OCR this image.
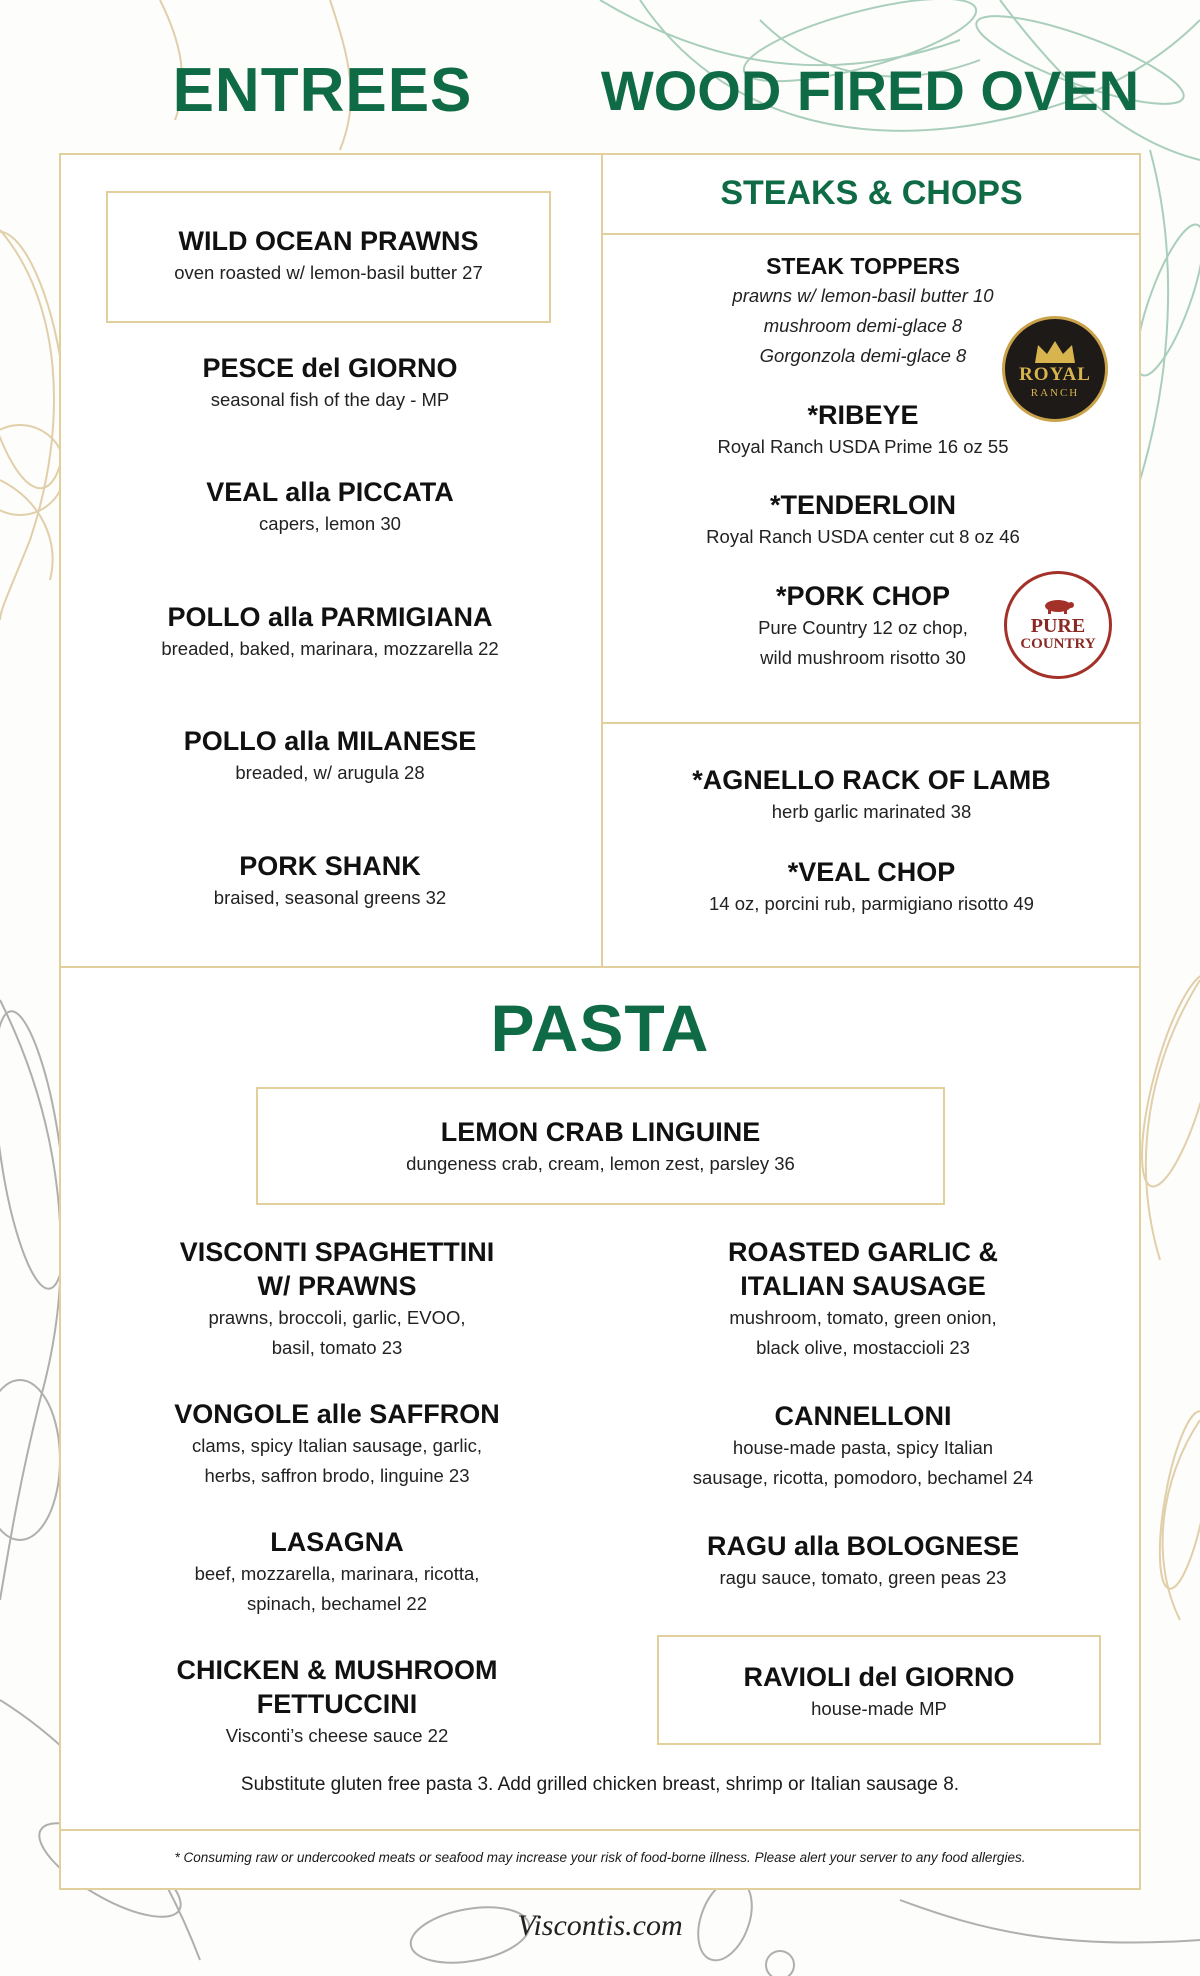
ENTREES	WOOD FIRED OVEN
WILD OCEAN PRAWNS
oven roasted w/ lemon-basil butter 27
PESCE del GIORNO
seasonal fish of the day - MP
VEAL alla PICCATA
capers, lemon 30
POLLO alla PARMIGIANA
breaded, baked, marinara, mozzarella 22
POLLO alla MILANESE
breaded, w/ arugula 28
PORK SHANK
braised, seasonal greens 32
STEAKS & CHOPS
STEAK TOPPERS
prawns w/ lemon-basil butter 10
mushroom demi-glace 8
Gorgonzola demi-glace 8
ROYAL
RANCH
*RIBEYE
Royal Ranch USDA Prime 16 oz 55
*TENDERLOIN
Royal Ranch USDA center cut 8 oz 46
*PORK CHOP
Pure Country 12 oz chop,
wild mushroom risotto 30
PURE
COUNTRY
*AGNELLO RACK OF LAMB
herb garlic marinated 38
*VEAL CHOP
14 oz, porcini rub, parmigiano risotto 49
PASTA
LEMON CRAB LINGUINE
dungeness crab, cream, lemon zest, parsley 36
VISCONTI SPAGHETTINI
W/ PRAWNS
prawns, broccoli, garlic, EVOO,
basil, tomato 23
VONGOLE alle SAFFRON
clams, spicy Italian sausage, garlic,
herbs, saffron brodo, linguine 23
LASAGNA
beef, mozzarella, marinara, ricotta,
spinach, bechamel 22
CHICKEN & MUSHROOM
FETTUCCINI
Visconti’s cheese sauce 22
ROASTED GARLIC &
ITALIAN SAUSAGE
mushroom, tomato, green onion,
black olive, mostaccioli 23
CANNELLONI
house-made pasta, spicy Italian
sausage, ricotta, pomodoro, bechamel 24
RAGU alla BOLOGNESE
ragu sauce, tomato, green peas 23
RAVIOLI del GIORNO
house-made MP
Substitute gluten free pasta 3. Add grilled chicken breast, shrimp or Italian sausage 8.
* Consuming raw or undercooked meats or seafood may increase your risk of food-borne illness. Please alert your server to any food allergies.
Viscontis.com
